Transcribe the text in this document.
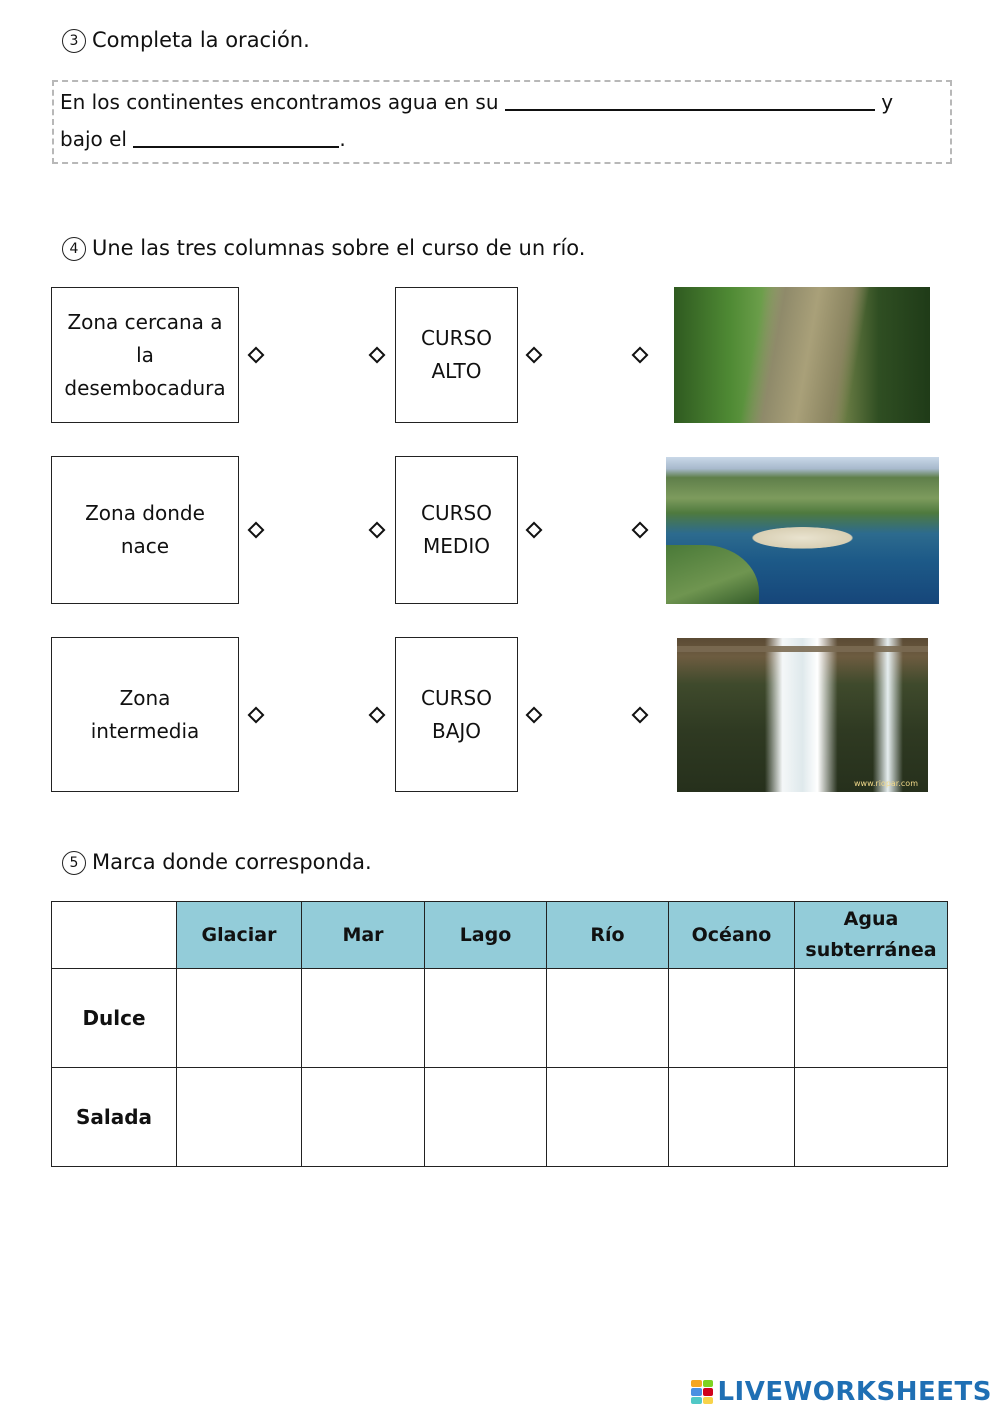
3 Completa la oración.
En los continentes encontramos agua en su	y
bajo el	.
4 Une las tres columnas sobre el curso de un río.
Zona cercana a la desembocadura
CURSO ALTO
Zona donde nace
CURSO MEDIO
Zona intermedia
CURSO BAJO
www.riopar.com
5 Marca donde corresponda.
	Glaciar	Mar	Lago	Río	Océano	Agua subterránea

Dulce						
Salada						
LIVEWORKSHEETS
